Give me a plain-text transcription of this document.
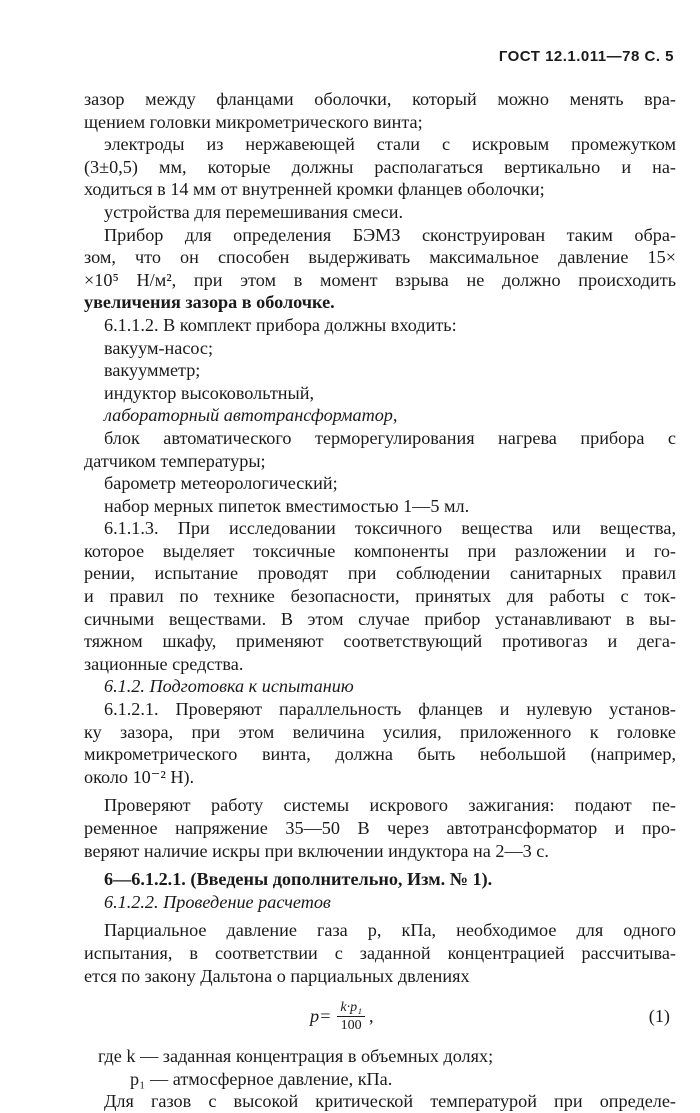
ГОСТ 12.1.011—78 С. 5
зазор между фланцами оболочки, который можно менять вра-
щением головки микрометрического винта;
электроды из нержавеющей стали с искровым промежутком
(3±0,5) мм, которые должны располагаться вертикально и на-
ходиться в 14 мм от внутренней кромки фланцев оболочки;
устройства для перемешивания смеси.
Прибор для определения БЭМЗ сконструирован таким обра-
зом, что он способен выдерживать максимальное давление 15×
×10⁵ Н/м², при этом в момент взрыва не должно происходить
увеличения зазора в оболочке.
6.1.1.2. В комплект прибора должны входить:
вакуум-насос;
вакуумметр;
индуктор высоковольтный,
лабораторный автотрансформатор,
блок автоматического терморегулирования нагрева прибора с
датчиком температуры;
барометр метеорологический;
набор мерных пипеток вместимостью 1—5 мл.
6.1.1.3. При исследовании токсичного вещества или вещества,
которое выделяет токсичные компоненты при разложении и го-
рении, испытание проводят при соблюдении санитарных правил
и правил по технике безопасности, принятых для работы с ток-
сичными веществами. В этом случае прибор устанавливают в вы-
тяжном шкафу, применяют соответствующий противогаз и дега-
зационные средства.
6.1.2. Подготовка к испытанию
6.1.2.1. Проверяют параллельность фланцев и нулевую установ-
ку зазора, при этом величина усилия, приложенного к головке
микрометрического винта, должна быть небольшой (например,
около 10⁻² Н).
Проверяют работу системы искрового зажигания: подают пе-
ременное напряжение 35—50 В через автотрансформатор и про-
веряют наличие искры при включении индуктора на 2—3 с.
6—6.1.2.1. (Введены дополнительно, Изм. № 1).
6.1.2.2. Проведение расчетов
Парциальное давление газа p, кПа, необходимое для одного
испытания, в соответствии с заданной концентрацией рассчитыва-
ется по закону Дальтона о парциальных двлениях
$p= \frac{\text{k·p₁}}{100}$ ,	(1)
где k — заданная концентрация в объемных долях;
p₁ — атмосферное давление, кПа.
Для газов с высокой критической температурой при определе-
